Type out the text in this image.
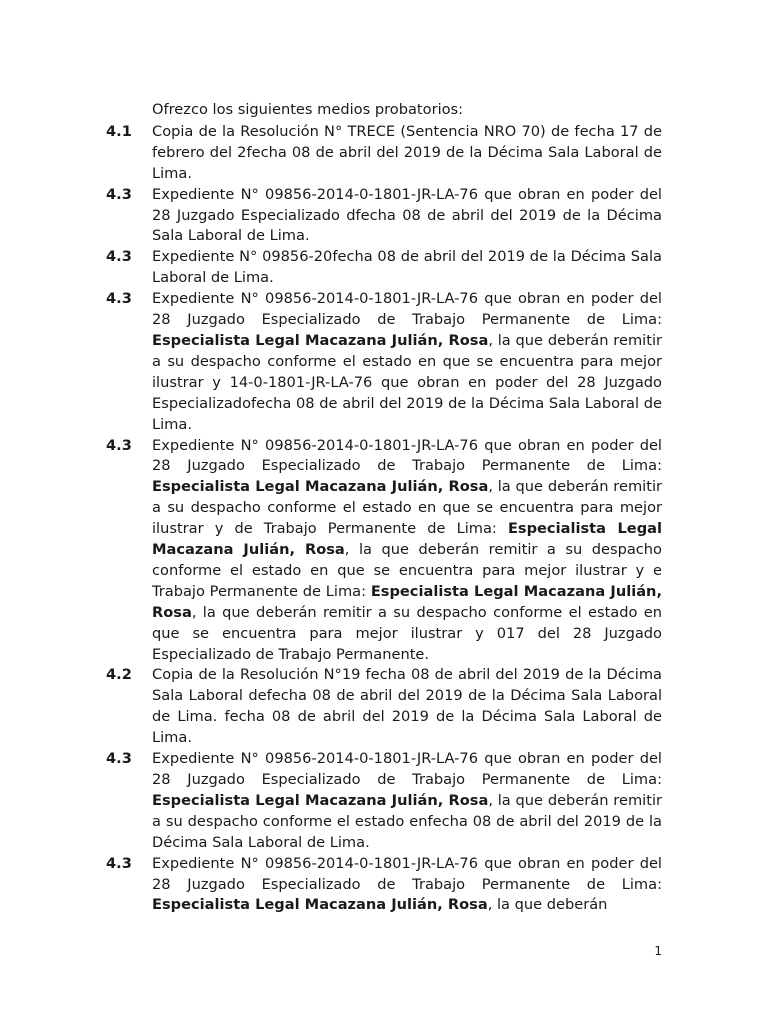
Ofrezco los siguientes medios probatorios:

4.1	Copia de la Resolución N° TRECE (Sentencia NRO 70) de fecha 17 de febrero del 2fecha 08 de abril del 2019 de la Décima Sala Laboral de Lima.
4.3	Expediente N° 09856-2014-0-1801-JR-LA-76 que obran en poder del 28 Juzgado Especializado dfecha 08 de abril del 2019 de la Décima Sala Laboral de Lima.
4.3	Expediente N° 09856-20fecha 08 de abril del 2019 de la Décima Sala Laboral de Lima.
4.3	Expediente N° 09856-2014-0-1801-JR-LA-76 que obran en poder del 28 Juzgado Especializado de Trabajo Permanente de Lima: Especialista Legal Macazana Julián, Rosa, la que deberán remitir a su despacho conforme el estado en que se encuentra para mejor ilustrar y 14-0-1801-JR-LA-76 que obran en poder del 28 Juzgado Especializadofecha 08 de abril del 2019 de la Décima Sala Laboral de Lima.
4.3	Expediente N° 09856-2014-0-1801-JR-LA-76 que obran en poder del 28 Juzgado Especializado de Trabajo Permanente de Lima: Especialista Legal Macazana Julián, Rosa, la que deberán remitir a su despacho conforme el estado en que se encuentra para mejor ilustrar y de Trabajo Permanente de Lima: Especialista Legal Macazana Julián, Rosa, la que deberán remitir a su despacho conforme el estado en que se encuentra para mejor ilustrar y e Trabajo Permanente de Lima: Especialista Legal Macazana Julián, Rosa, la que deberán remitir a su despacho conforme el estado en que se encuentra para mejor ilustrar y 017 del 28 Juzgado Especializado de Trabajo Permanente.
4.2	Copia de la Resolución N°19 fecha 08 de abril del 2019 de la Décima Sala Laboral defecha 08 de abril del 2019 de la Décima Sala Laboral de Lima. fecha 08 de abril del 2019 de la Décima Sala Laboral de Lima.
4.3	Expediente N° 09856-2014-0-1801-JR-LA-76 que obran en poder del 28 Juzgado Especializado de Trabajo Permanente de Lima: Especialista Legal Macazana Julián, Rosa, la que deberán remitir a su despacho conforme el estado enfecha 08 de abril del 2019 de la Décima Sala Laboral de Lima.
4.3	Expediente N° 09856-2014-0-1801-JR-LA-76 que obran en poder del 28 Juzgado Especializado de Trabajo Permanente de Lima: Especialista Legal Macazana Julián, Rosa, la que deberán
1
